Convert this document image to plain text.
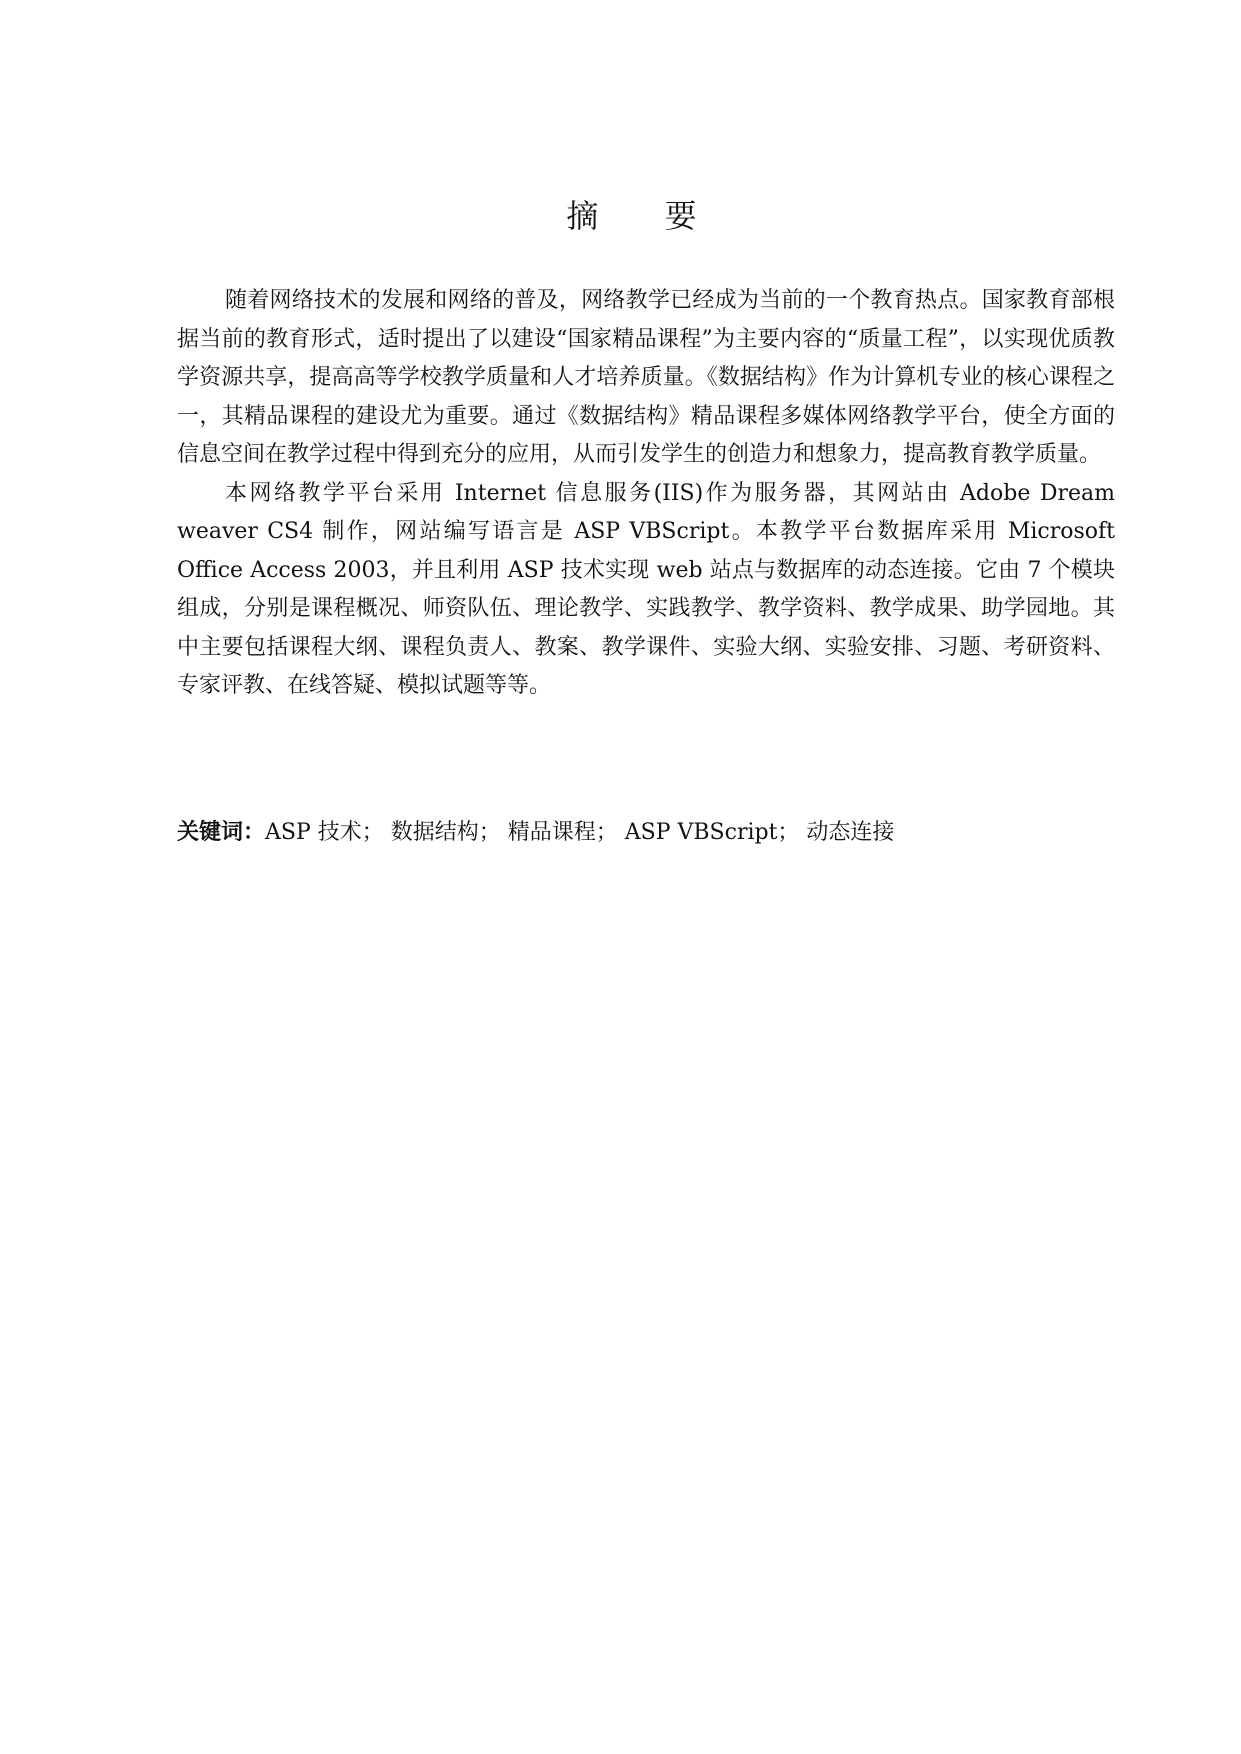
摘 要

随着网络技术的发展和网络的普及，网络教学已经成为当前的一个教育热点。国家教育部根据当前的教育形式，适时提出了以建设“国家精品课程”为主要内容的“质量工程”，以实现优质教学资源共享，提高高等学校教学质量和人才培养质量。《数据结构》作为计算机专业的核心课程之一，其精品课程的建设尤为重要。通过《数据结构》精品课程多媒体网络教学平台，使全方面的信息空间在教学过程中得到充分的应用，从而引发学生的创造力和想象力，提高教育教学质量。

本网络教学平台采用 Internet 信息服务(IIS)作为服务器，其网站由 Adobe Dream weaver CS4 制作，网站编写语言是 ASP VBScript。本教学平台数据库采用 Microsoft Office Access 2003，并且利用 ASP 技术实现 web 站点与数据库的动态连接。它由 7 个模块组成，分别是课程概况、师资队伍、理论教学、实践教学、教学资料、教学成果、助学园地。其中主要包括课程大纲、课程负责人、教案、教学课件、实验大纲、实验安排、习题、考研资料、专家评教、在线答疑、模拟试题等等。

关键词：ASP 技术； 数据结构； 精品课程； ASP VBScript； 动态连接
